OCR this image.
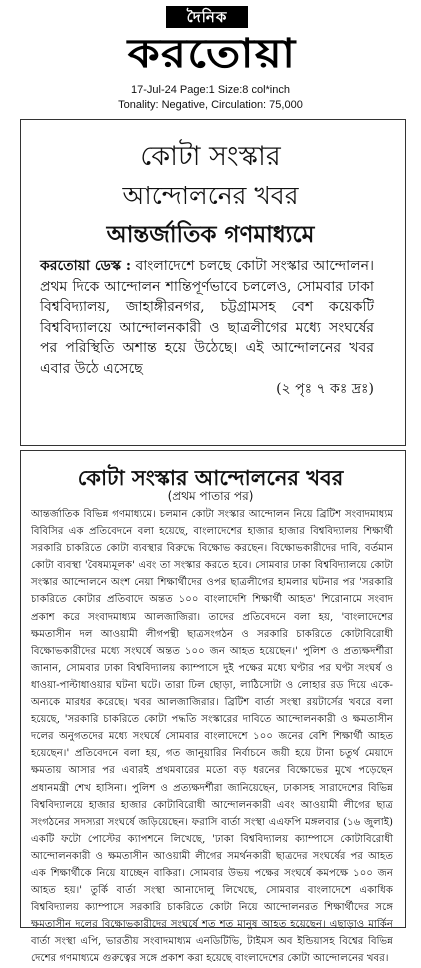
দৈনিক
করতোয়া
17-Jul-24 Page:1 Size:8 col*inch
Tonality: Negative, Circulation: 75,000
কোটা সংস্কার
আন্দোলনের খবর
আন্তর্জাতিক গণমাধ্যমে
করতোয়া ডেস্ক : বাংলাদেশে চলছে কোটা সংস্কার আন্দোলন। প্রথম দিকে আন্দোলন শান্তিপূর্ণভাবে চললেও, সোমবার ঢাকা বিশ্ববিদ্যালয়, জাহাঙ্গীরনগর, চট্টগ্রামসহ বেশ কয়েকটি বিশ্ববিদ্যালয়ে আন্দোলনকারী ও ছাত্রলীগের মধ্যে সংঘর্ষের পর পরিস্থিতি অশান্ত হয়ে উঠেছে। এই আন্দোলনের খবর এবার উঠে এসেছে
(২ পৃঃ ৭ কঃ দ্রঃ)
কোটা সংস্কার আন্দোলনের খবর
(প্রথম পাতার পর)
আন্তর্জাতিক বিভিন্ন গণমাধ্যমে। চলমান কোটা সংস্কার আন্দোলন নিয়ে ব্রিটিশ সংবাদমাধ্যম বিবিসির এক প্রতিবেদনে বলা হয়েছে, বাংলাদেশের হাজার হাজার বিশ্ববিদ্যালয় শিক্ষার্থী সরকারি চাকরিতে কোটা ব্যবস্থার বিরুদ্ধে বিক্ষোভ করছেন। বিক্ষোভকারীদের দাবি, বর্তমান কোটা ব্যবস্থা 'বৈষম্যমূলক' এবং তা সংস্কার করতে হবে। সোমবার ঢাকা বিশ্ববিদ্যালয়ে কোটা সংস্কার আন্দোলনে অংশ নেয়া শিক্ষার্থীদের ওপর ছাত্রলীগের হামলার ঘটনার পর 'সরকারি চাকরিতে কোটার প্রতিবাদে অন্তত ১০০ বাংলাদেশি শিক্ষার্থী আহত' শিরোনামে সংবাদ প্রকাশ করে সংবাদমাধ্যম আলজাজিরা। তাদের প্রতিবেদনে বলা হয়, 'বাংলাদেশের ক্ষমতাসীন দল আওয়ামী লীগপন্থী ছাত্রসংগঠন ও সরকারি চাকরিতে কোটাবিরোধী বিক্ষোভকারীদের মধ্যে সংঘর্ষে অন্তত ১০০ জন আহত হয়েছেন।' পুলিশ ও প্রত্যক্ষদর্শীরা জানান, সোমবার ঢাকা বিশ্ববিদ্যালয় ক্যাম্পাসে দুই পক্ষের মধ্যে ঘণ্টার পর ঘণ্টা সংঘর্ষ ও ধাওয়া-পাল্টাধাওয়ার ঘটনা ঘটে। তারা ঢিল ছোড়া, লাঠিসোটা ও লোহার রড দিয়ে একে-অন্যকে মারধর করেছে। খবর আলজাজিরার। ব্রিটিশ বার্তা সংস্থা রয়টার্সের খবরে বলা হয়েছে, 'সরকারি চাকরিতে কোটা পদ্ধতি সংস্কারের দাবিতে আন্দোলনকারী ও ক্ষমতাসীন দলের অনুগতদের মধ্যে সংঘর্ষে সোমবার বাংলাদেশে ১০০ জনের বেশি শিক্ষার্থী আহত হয়েছেন।' প্রতিবেদনে বলা হয়, গত জানুয়ারির নির্বাচনে জয়ী হয়ে টানা চতুর্থ মেয়াদে ক্ষমতায় আসার পর এবারই প্রথমবারের মতো বড় ধরনের বিক্ষোভের মুখে পড়েছেন প্রধানমন্ত্রী শেখ হাসিনা। পুলিশ ও প্রত্যক্ষদর্শীরা জানিয়েছেন, ঢাকাসহ সারাদেশের বিভিন্ন বিশ্ববিদ্যালয়ে হাজার হাজার কোটাবিরোধী আন্দোলনকারী এবং আওয়ামী লীগের ছাত্র সংগঠনের সদস্যরা সংঘর্ষে জড়িয়েছেন। ফরাসি বার্তা সংস্থা এএফপি মঙ্গলবার (১৬ জুলাই) একটি ফটো পোস্টের ক্যাপশনে লিখেছে, 'ঢাকা বিশ্ববিদ্যালয় ক্যাম্পাসে কোটাবিরোধী আন্দোলনকারী ও ক্ষমতাসীন আওয়ামী লীগের সমর্থনকারী ছাত্রদের সংঘর্ষের পর আহত এক শিক্ষার্থীকে নিয়ে যাচ্ছেন বাকিরা। সোমবার উভয় পক্ষের সংঘর্ষে কমপক্ষে ১০০ জন আহত হয়।' তুর্কি বার্তা সংস্থা আনাদোলু লিখেছে, সোমবার বাংলাদেশে একাধিক বিশ্ববিদ্যালয় ক্যাম্পাসে সরকারি চাকরিতে কোটা নিয়ে আন্দোলনরত শিক্ষার্থীদের সঙ্গে ক্ষমতাসীন দলের বিক্ষোভকারীদের সংঘর্ষে শত শত মানুষ আহত হয়েছেন। এছাড়াও মার্কিন বার্তা সংস্থা এপি, ভারতীয় সংবাদমাধ্যম এনডিটিভি, টাইমস অব ইন্ডিয়াসহ বিশ্বের বিভিন্ন দেশের গণমাধ্যমে গুরুত্বের সঙ্গে প্রকাশ করা হয়েছে বাংলাদেশের কোটা আন্দোলনের খবর।
